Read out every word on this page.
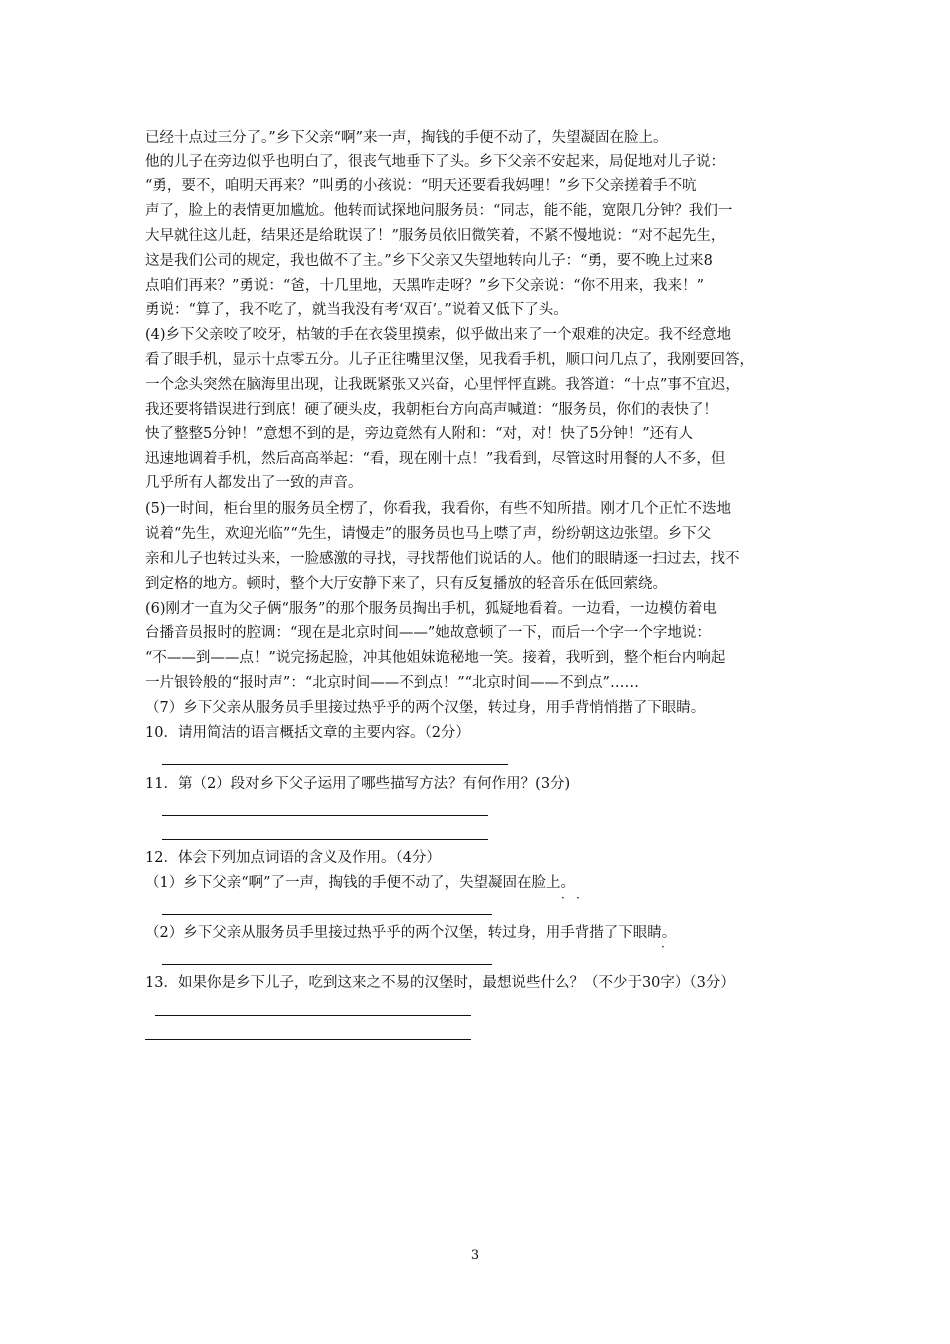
已经十点过三分了。”乡下父亲“啊”来一声，掏钱的手便不动了，失望凝固在脸上。
他的儿子在旁边似乎也明白了，很丧气地垂下了头。乡下父亲不安起来，局促地对儿子说：
“勇，要不，咱明天再来？”叫勇的小孩说：“明天还要看我妈哩！”乡下父亲搓着手不吭
声了，脸上的表情更加尴尬。他转而试探地问服务员：“同志，能不能，宽限几分钟？我们一
大早就往这儿赶，结果还是给耽误了！”服务员依旧微笑着，不紧不慢地说：“对不起先生，
这是我们公司的规定，我也做不了主。”乡下父亲又失望地转向儿子：“勇，要不晚上过来8
点咱们再来？”勇说：“爸，十几里地，天黑咋走呀？”乡下父亲说：“你不用来，我来！”
勇说：“算了，我不吃了，就当我没有考‘双百’。”说着又低下了头。
(4)乡下父亲咬了咬牙，枯皱的手在衣袋里摸索，似乎做出来了一个艰难的决定。我不经意地
看了眼手机，显示十点零五分。儿子正往嘴里汉堡，见我看手机，顺口问几点了，我刚要回答，
一个念头突然在脑海里出现，让我既紧张又兴奋，心里怦怦直跳。我答道：“十点”事不宜迟，
我还要将错误进行到底！硬了硬头皮，我朝柜台方向高声喊道：“服务员，你们的表快了！
快了整整5分钟！”意想不到的是，旁边竟然有人附和：“对，对！快了5分钟！”还有人
迅速地调着手机，然后高高举起：“看，现在刚十点！”我看到，尽管这时用餐的人不多，但
几乎所有人都发出了一致的声音。
(5)一时间，柜台里的服务员全楞了，你看我，我看你，有些不知所措。刚才几个正忙不迭地
说着“先生，欢迎光临”“先生，请慢走”的服务员也马上噤了声，纷纷朝这边张望。乡下父
亲和儿子也转过头来，一脸感激的寻找，寻找帮他们说话的人。他们的眼睛逐一扫过去，找不
到定格的地方。顿时，整个大厅安静下来了，只有反复播放的轻音乐在低回萦绕。
(6)刚才一直为父子俩“服务”的那个服务员掏出手机，狐疑地看着。一边看，一边模仿着电
台播音员报时的腔调：“现在是北京时间——”她故意顿了一下，而后一个字一个字地说：
“不——到——点！”说完扬起脸，冲其他姐妹诡秘地一笑。接着，我听到，整个柜台内响起
一片银铃般的“报时声”：“北京时间——不到点！”“北京时间——不到点”……
（7）乡下父亲从服务员手里接过热乎乎的两个汉堡，转过身，用手背悄悄揩了下眼睛。
10．请用简洁的语言概括文章的主要内容。（2分）
11．第（2）段对乡下父子运用了哪些描写方法？有何作用？(3分)
12．体会下列加点词语的含义及作用。（4分）
（1）乡下父亲“啊”了一声，掏钱的手便不动了，失望凝固在脸上。
· ·
（2）乡下父亲从服务员手里接过热乎乎的两个汉堡，转过身，用手背揩了下眼睛。
·
13．如果你是乡下儿子，吃到这来之不易的汉堡时，最想说些什么？（不少于30字）（3分）
3
